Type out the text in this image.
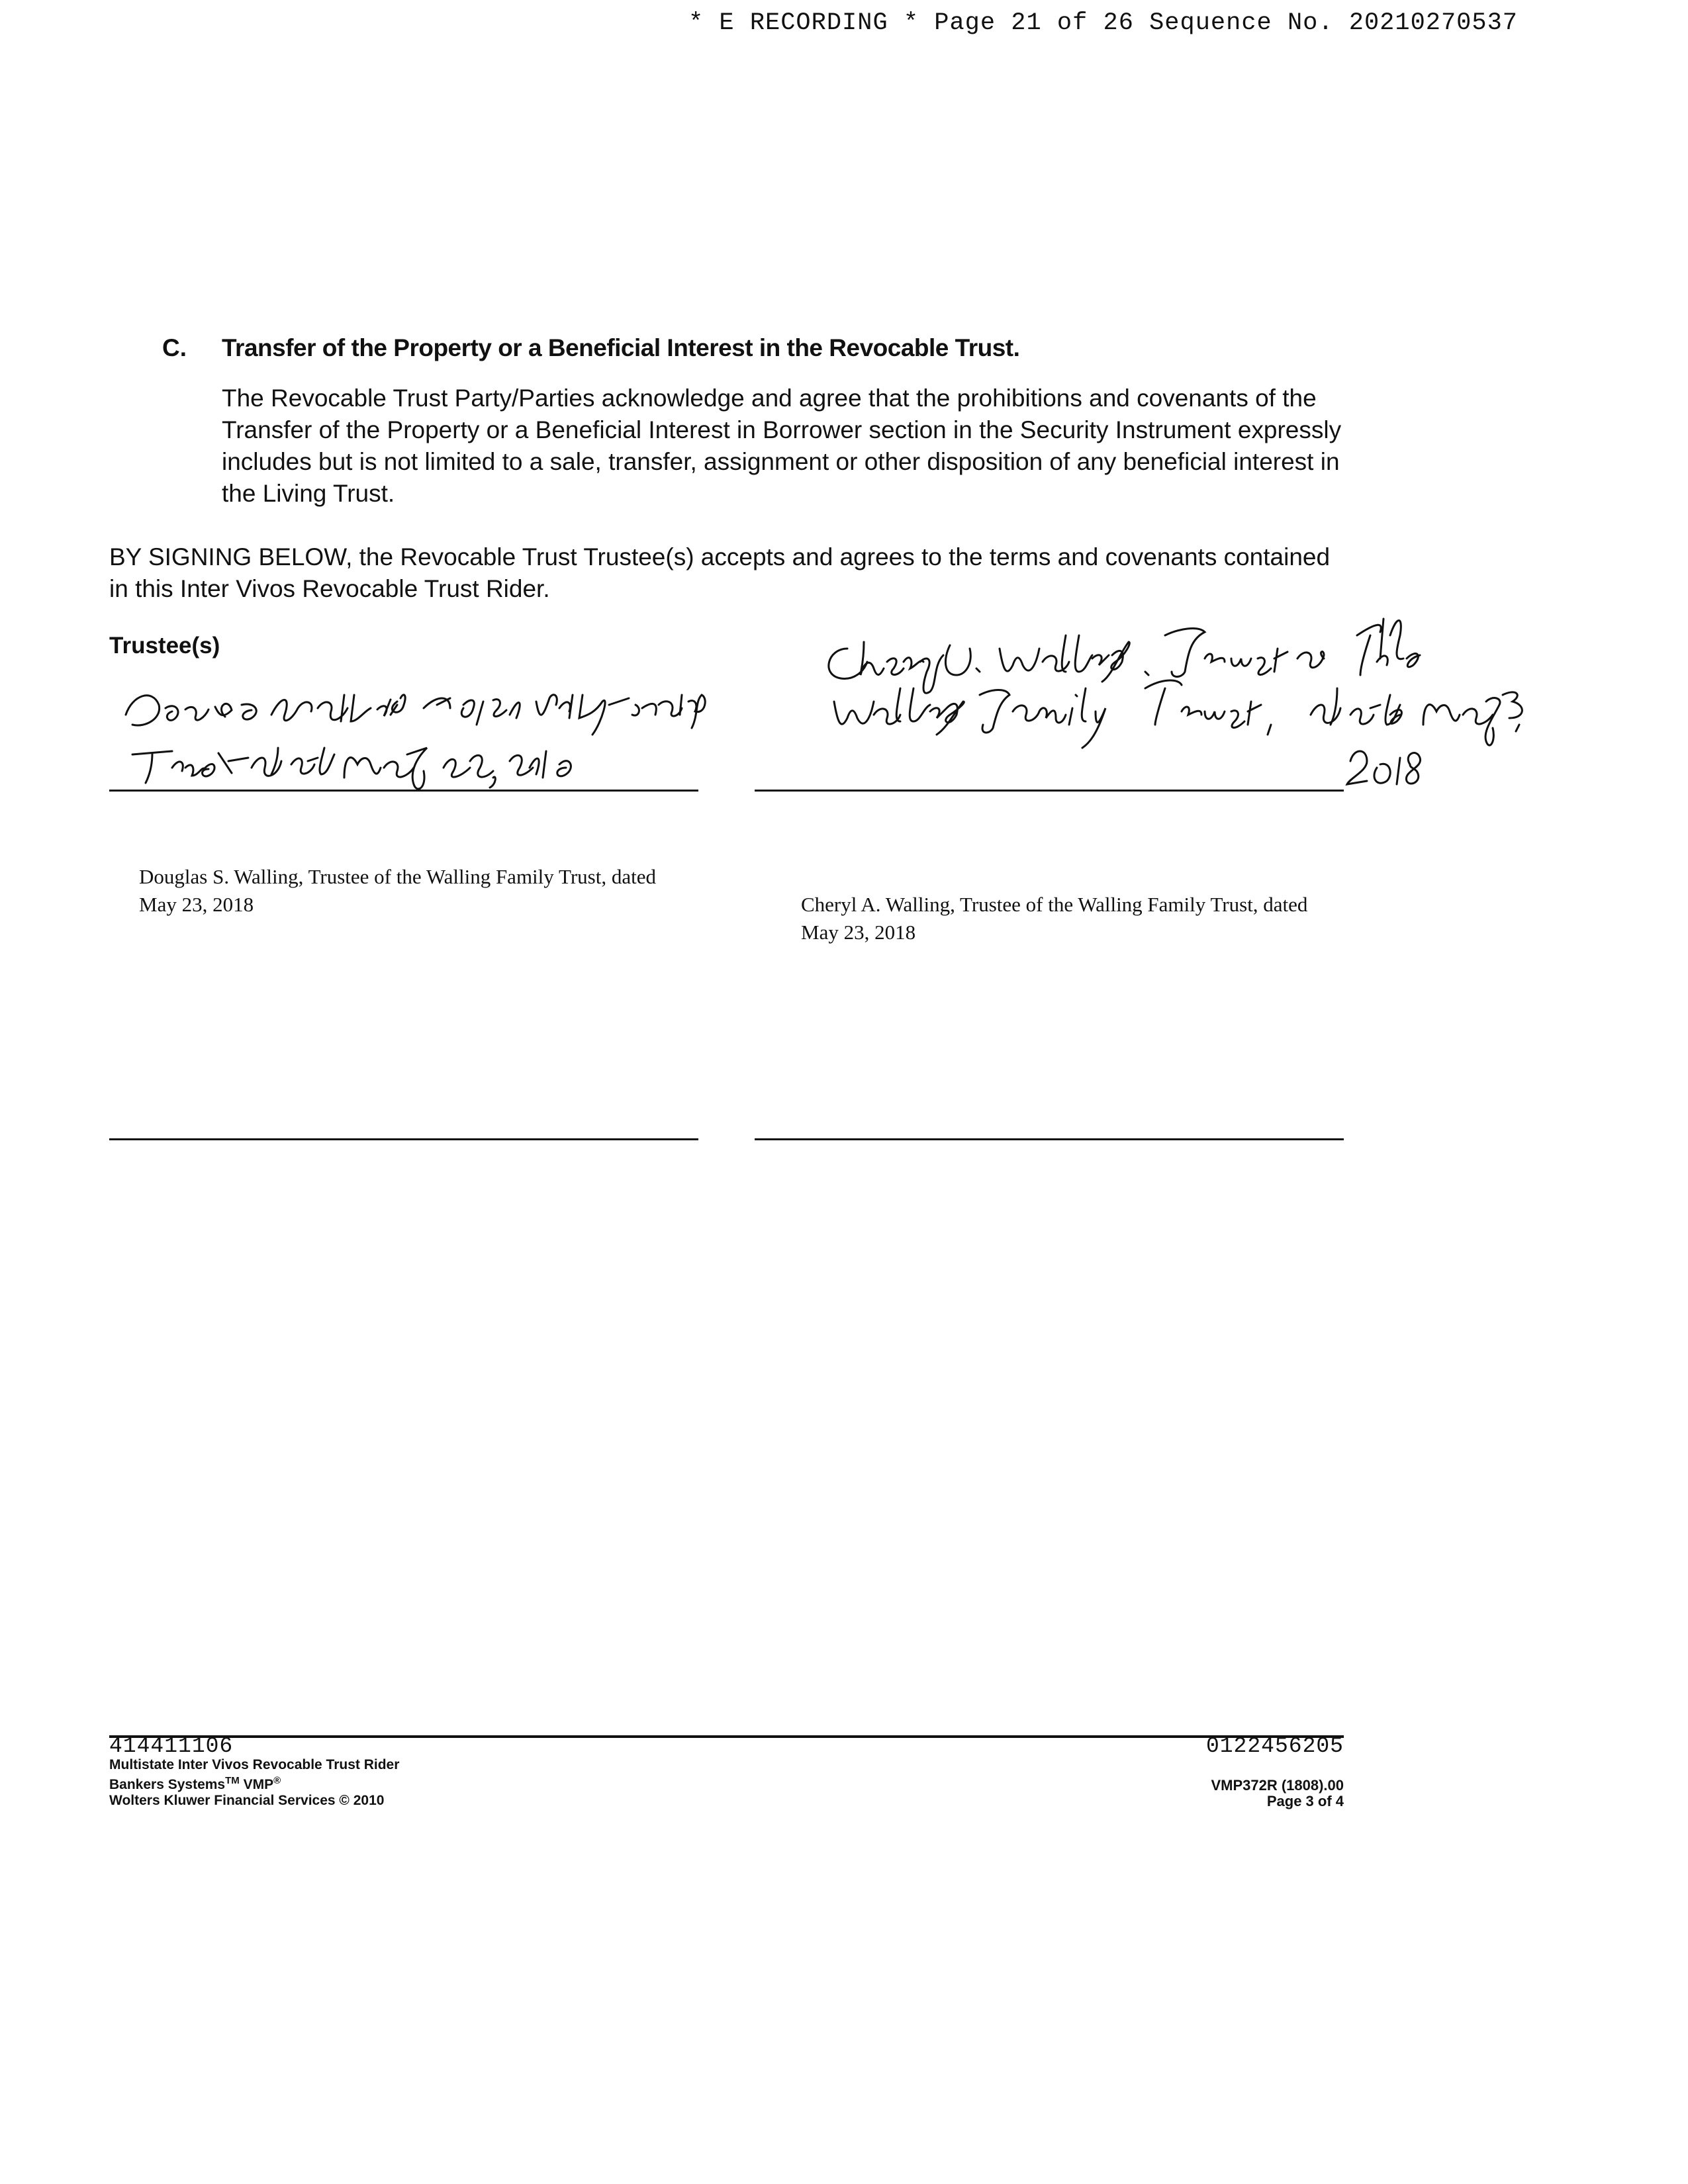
* E RECORDING * Page 21 of 26 Sequence No. 20210270537
C. Transfer of the Property or a Beneficial Interest in the Revocable Trust.
The Revocable Trust Party/Parties acknowledge and agree that the prohibitions and covenants of the Transfer of the Property or a Beneficial Interest in Borrower section in the Security Instrument expressly includes but is not limited to a sale, transfer, assignment or other disposition of any beneficial interest in the Living Trust.
BY SIGNING BELOW, the Revocable Trust Trustee(s) accepts and agrees to the terms and covenants contained in this Inter Vivos Revocable Trust Rider.
Trustee(s)
Douglas S. Walling, Trustee of the Walling Family Trust, dated May 23, 2018	Cheryl A. Walling, Trustee of the Walling Family Trust, dated May 23, 2018
414411106
Multistate Inter Vivos Revocable Trust Rider
Bankers Systems™ VMP®
Wolters Kluwer Financial Services © 2010
0122456205
VMP372R (1808).00
Page 3 of 4
